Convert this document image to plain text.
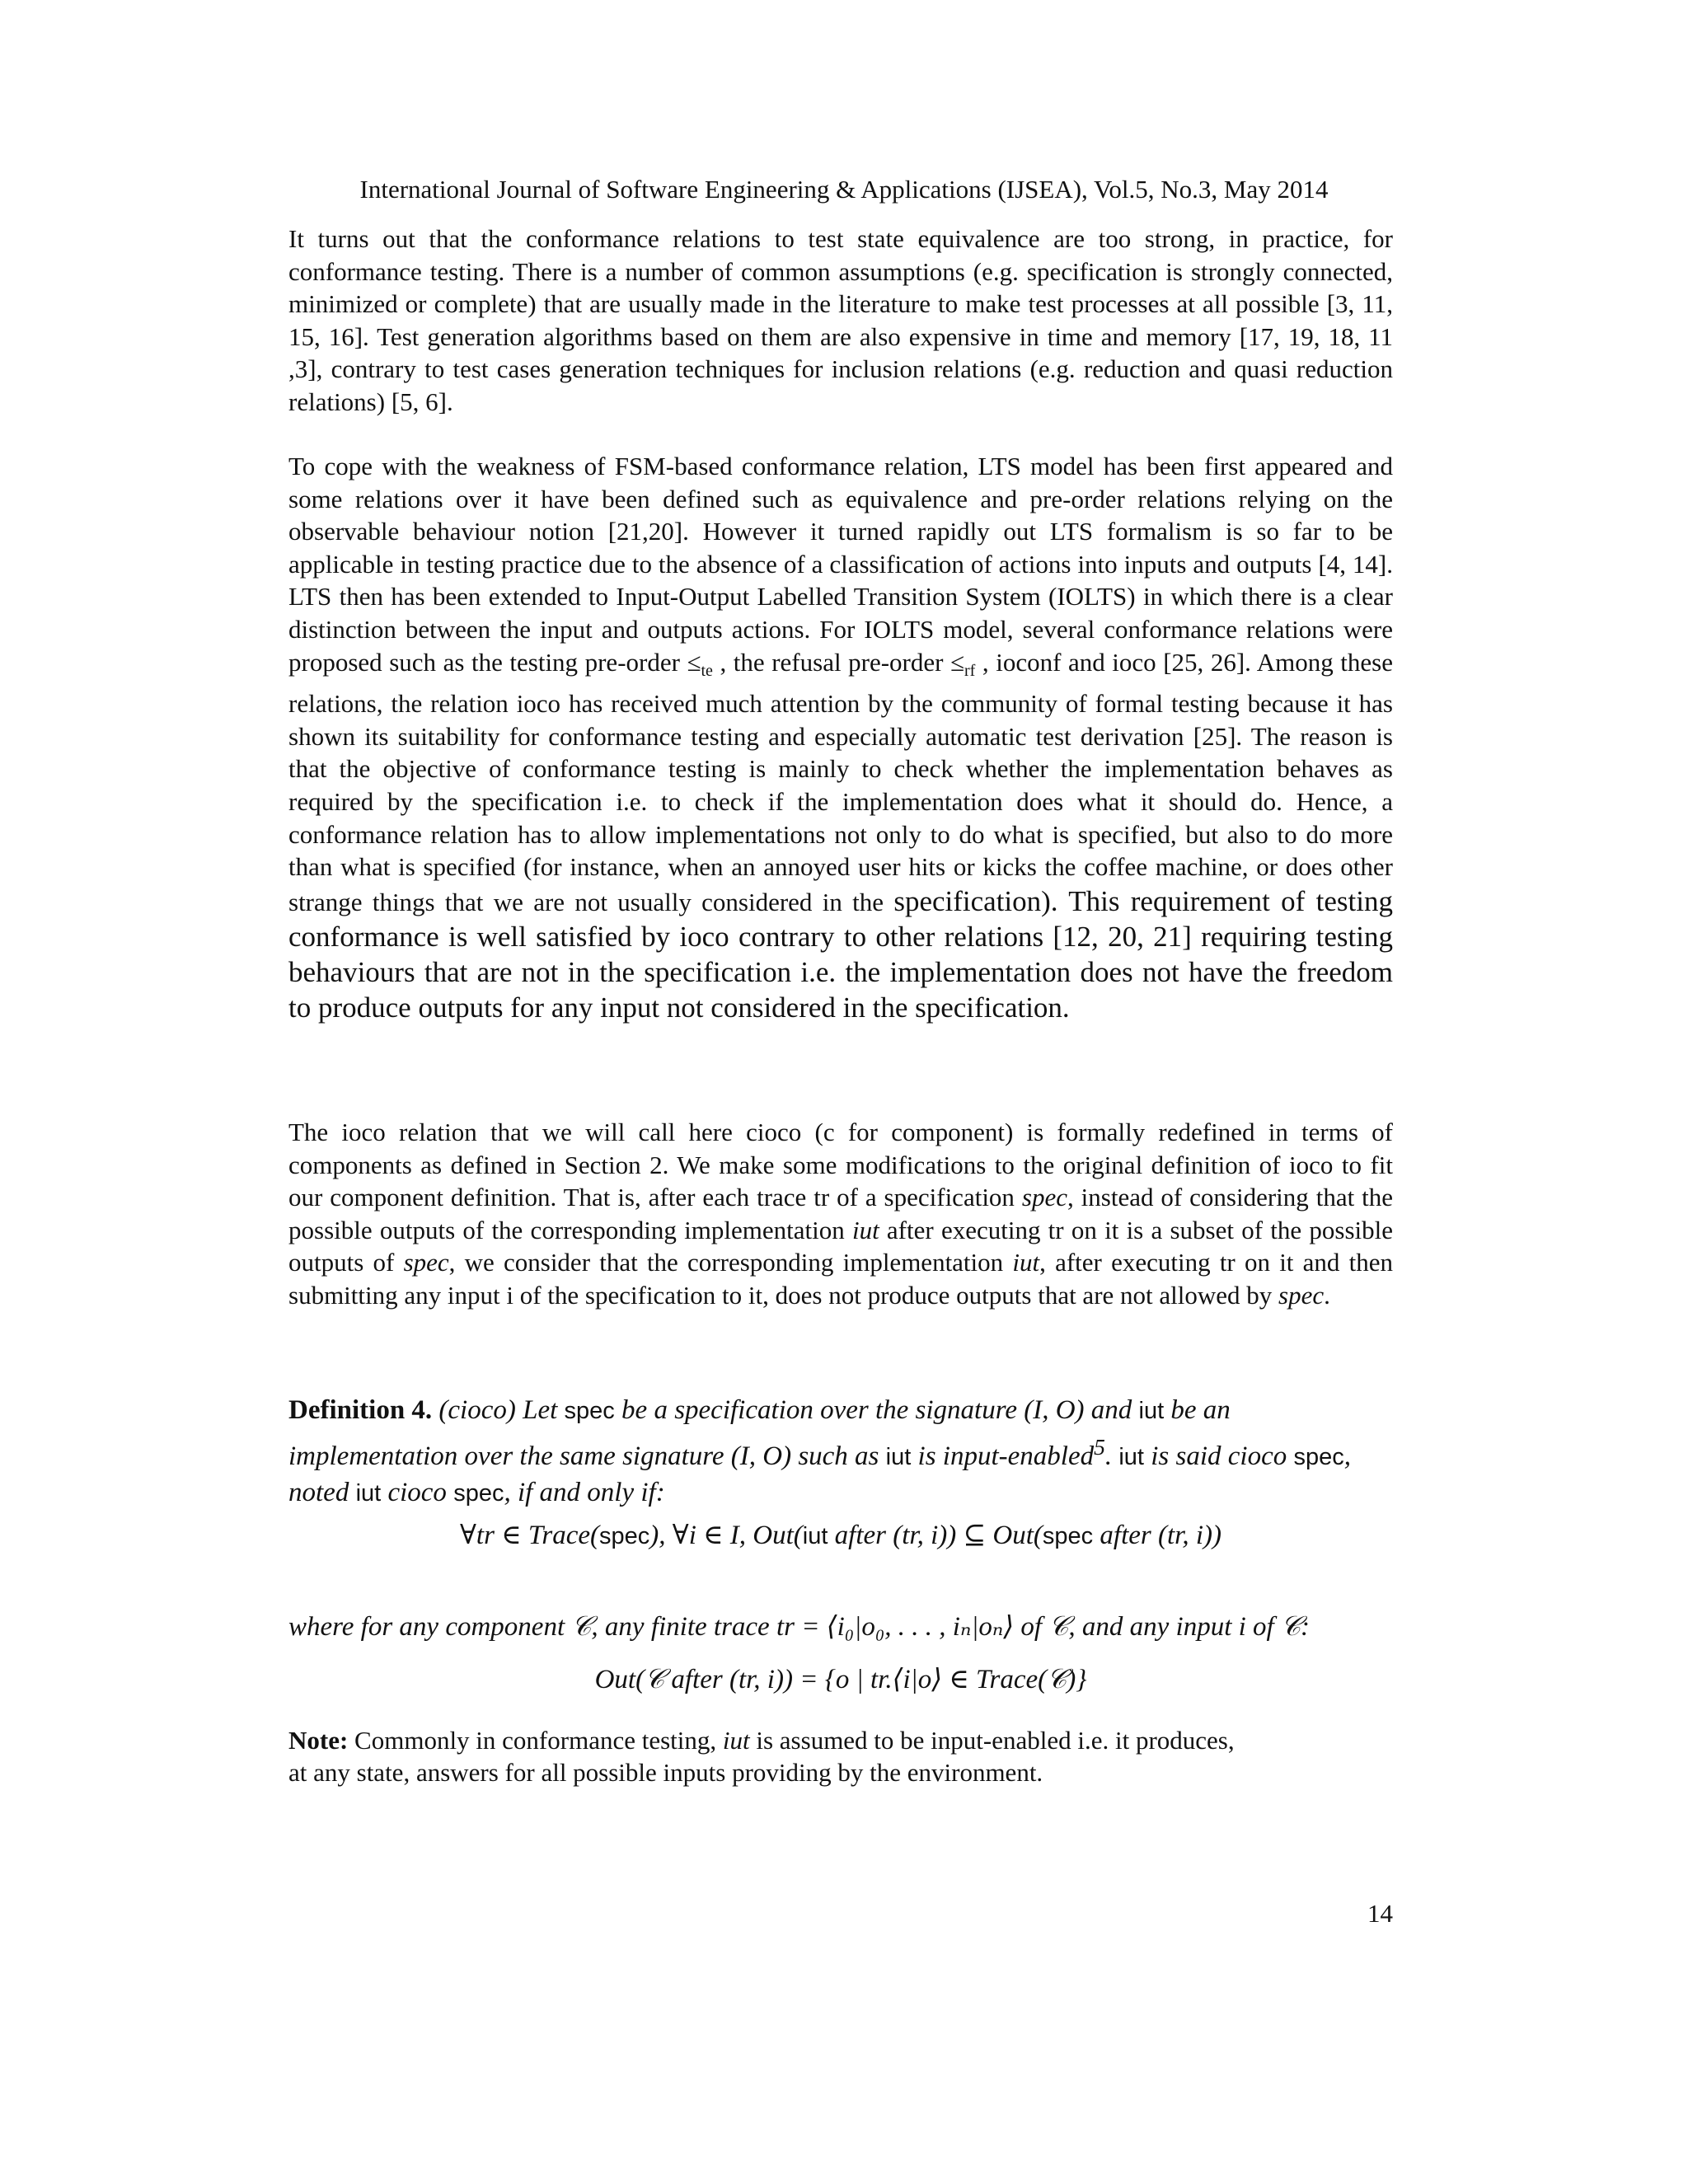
International Journal of Software Engineering & Applications (IJSEA), Vol.5, No.3, May 2014

It turns out that the conformance relations to test state equivalence are too strong, in practice, for conformance testing. There is a number of common assumptions (e.g. specification is strongly connected, minimized or complete) that are usually made in the literature to make test processes at all possible [3, 11, 15, 16]. Test generation algorithms based on them are also expensive in time and memory [17, 19, 18, 11 ,3], contrary to test cases generation techniques for inclusion relations (e.g. reduction and quasi reduction relations) [5, 6].

To cope with the weakness of FSM-based conformance relation, LTS model has been first appeared and some relations over it have been defined such as equivalence and pre-order relations relying on the observable behaviour notion [21,20]. However it turned rapidly out LTS formalism is so far to be applicable in testing practice due to the absence of a classification of actions into inputs and outputs [4, 14]. LTS then has been extended to Input-Output Labelled Transition System (IOLTS) in which there is a clear distinction between the input and outputs actions. For IOLTS model, several conformance relations were proposed such as the testing pre-order $\le_{te}$ , the refusal pre-order $\le_{rf}$ , ioconf and ioco [25, 26]. Among these relations, the relation ioco has received much attention by the community of formal testing because it has shown its suitability for conformance testing and especially automatic test derivation [25]. The reason is that the objective of conformance testing is mainly to check whether the implementation behaves as required by the specification i.e. to check if the implementation does what it should do. Hence, a conformance relation has to allow implementations not only to do what is specified, but also to do more than what is specified (for instance, when an annoyed user hits or kicks the coffee machine, or does other strange things that we are not usually considered in the specification). This requirement of testing conformance is well satisfied by ioco contrary to other relations [12, 20, 21] requiring testing behaviours that are not in the specification i.e. the implementation does not have the freedom to produce outputs for any input not considered in the specification.

The ioco relation that we will call here cioco (c for component) is formally redefined in terms of components as defined in Section 2. We make some modifications to the original definition of ioco to fit our component definition. That is, after each trace tr of a specification spec, instead of considering that the possible outputs of the corresponding implementation iut after executing tr on it is a subset of the possible outputs of spec, we consider that the corresponding implementation iut, after executing tr on it and then submitting any input i of the specification to it, does not produce outputs that are not allowed by spec.

Definition 4. (cioco) Let spec be a specification over the signature (I, O) and iut be an implementation over the same signature (I, O) such as iut is input-enabled$^5$. iut is said cioco spec, noted iut cioco spec, if and only if:

∀tr ∈ Trace(spec), ∀i ∈ I, Out(iut after (tr, i)) ⊆ Out(spec after (tr, i))

where for any component 𝒞, any finite trace tr = ⟨i₀|o₀, . . . , iₙ|oₙ⟩ of 𝒞, and any input i of 𝒞:

Out(𝒞 after (tr, i)) = {o | tr.⟨i|o⟩ ∈ Trace(𝒞)}

Note: Commonly in conformance testing, iut is assumed to be input-enabled i.e. it produces,
at any state, answers for all possible inputs providing by the environment.

14
